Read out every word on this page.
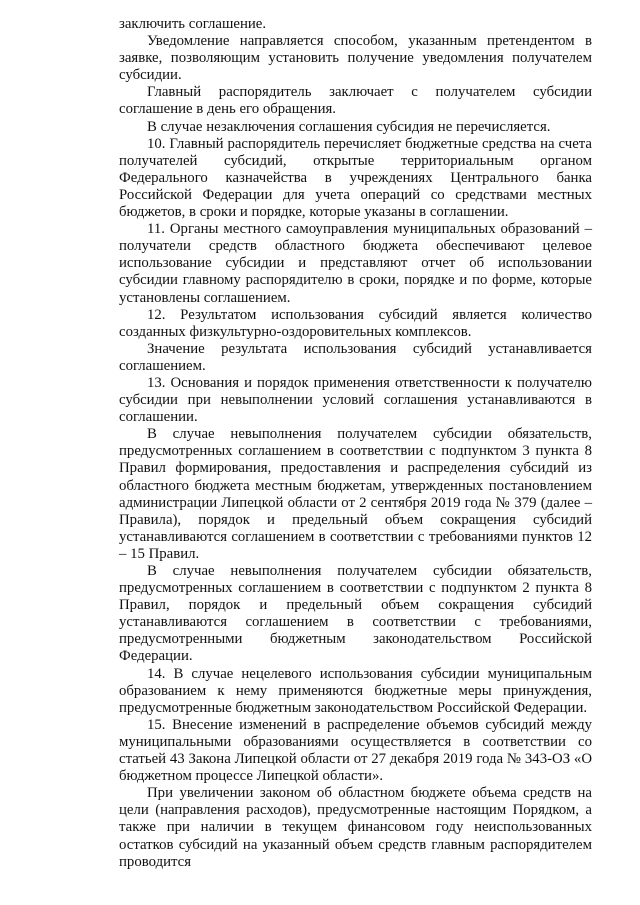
заключить соглашение.

Уведомление направляется способом, указанным претендентом в заявке, позволяющим установить получение уведомления получателем субсидии.

Главный распорядитель заключает с получателем субсидии соглашение в день его обращения.

В случае незаключения соглашения субсидия не перечисляется.

10. Главный распорядитель перечисляет бюджетные средства на счета получателей субсидий, открытые территориальным органом Федерального казначейства в учреждениях Центрального банка Российской Федерации для учета операций со средствами местных бюджетов, в сроки и порядке, которые указаны в соглашении.

11. Органы местного самоуправления муниципальных образований – получатели средств областного бюджета обеспечивают целевое использование субсидии и представляют отчет об использовании субсидии главному распорядителю в сроки, порядке и по форме, которые установлены соглашением.

12. Результатом использования субсидий является количество созданных физкультурно-оздоровительных комплексов.

Значение результата использования субсидий устанавливается соглашением.

13. Основания и порядок применения ответственности к получателю субсидии при невыполнении условий соглашения устанавливаются в соглашении.

В случае невыполнения получателем субсидии обязательств, предусмотренных соглашением в соответствии с подпунктом 3 пункта 8 Правил формирования, предоставления и распределения субсидий из областного бюджета местным бюджетам, утвержденных постановлением администрации Липецкой области от 2 сентября 2019 года № 379 (далее – Правила), порядок и предельный объем сокращения субсидий устанавливаются соглашением в соответствии с требованиями пунктов 12 – 15 Правил.

В случае невыполнения получателем субсидии обязательств, предусмотренных соглашением в соответствии с подпунктом 2 пункта 8 Правил, порядок и предельный объем сокращения субсидий устанавливаются соглашением в соответствии с требованиями, предусмотренными бюджетным законодательством Российской Федерации.

14. В случае нецелевого использования субсидии муниципальным образованием к нему применяются бюджетные меры принуждения, предусмотренные бюджетным законодательством Российской Федерации.

15. Внесение изменений в распределение объемов субсидий между муниципальными образованиями осуществляется в соответствии со статьей 43 Закона Липецкой области от 27 декабря 2019 года № 343-ОЗ «О бюджетном процессе Липецкой области».

При увеличении законом об областном бюджете объема средств на цели (направления расходов), предусмотренные настоящим Порядком, а также при наличии в текущем финансовом году неиспользованных остатков субсидий на указанный объем средств главным распорядителем проводится
